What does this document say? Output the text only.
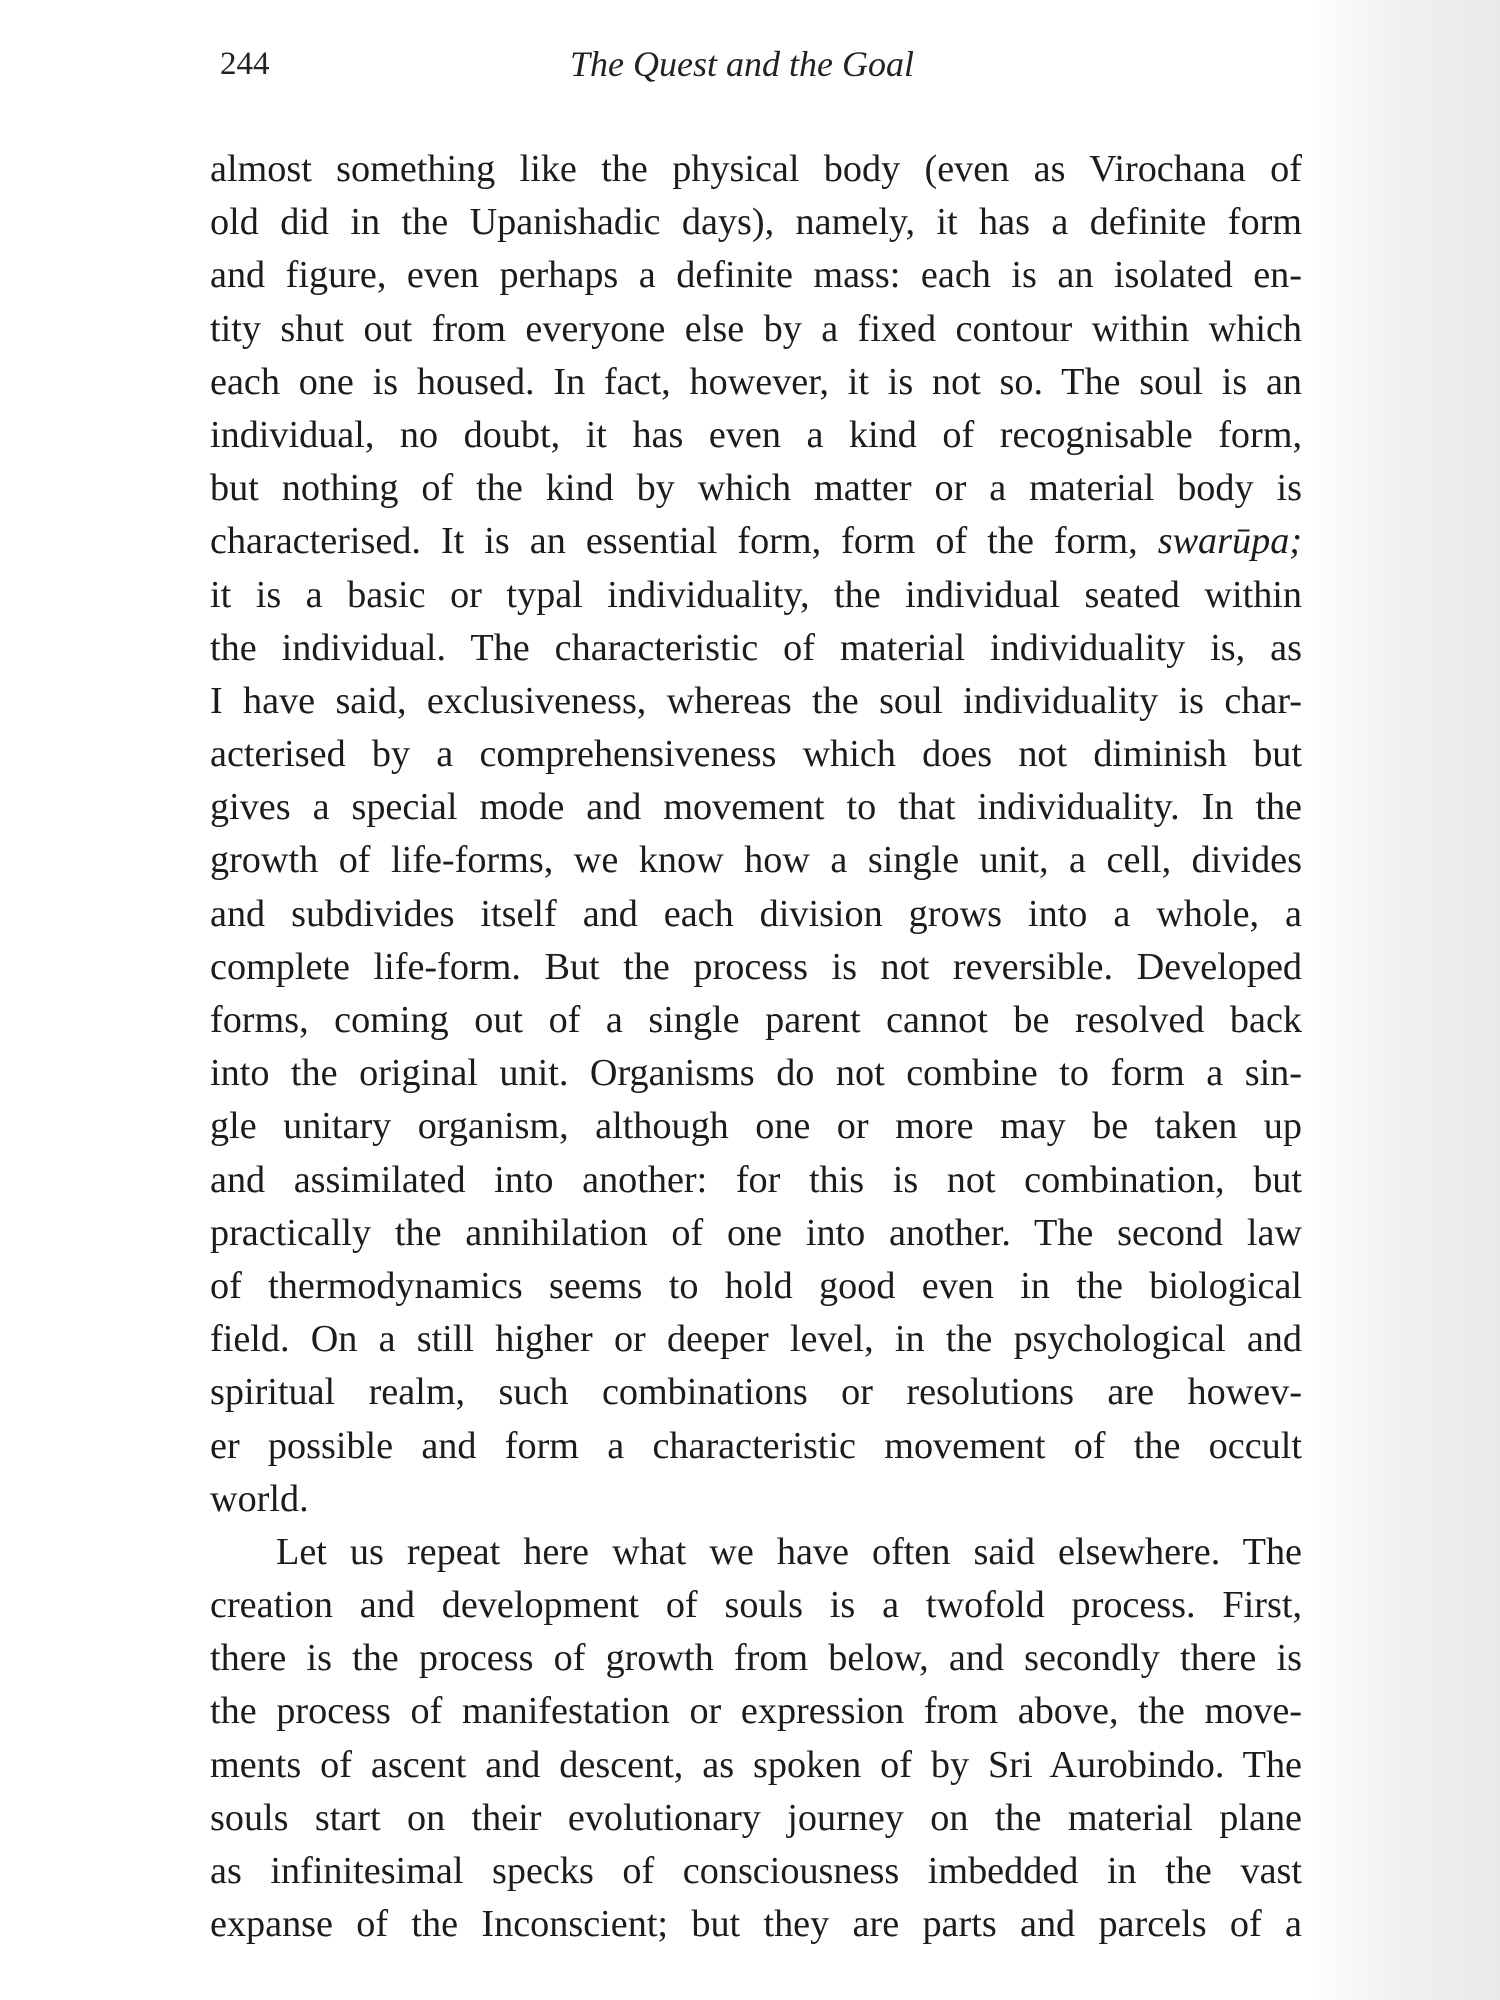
244	The Quest and the Goal
almost something like the physical body (even as Virochana of
old did in the Upanishadic days), namely, it has a definite form
and figure, even perhaps a definite mass: each is an isolated en-
tity shut out from everyone else by a fixed contour within which
each one is housed. In fact, however, it is not so. The soul is an
individual, no doubt, it has even a kind of recognisable form,
but nothing of the kind by which matter or a material body is
characterised. It is an essential form, form of the form, swarūpa;
it is a basic or typal individuality, the individual seated within
the individual. The characteristic of material individuality is, as
I have said, exclusiveness, whereas the soul individuality is char-
acterised by a comprehensiveness which does not diminish but
gives a special mode and movement to that individuality. In the
growth of life-forms, we know how a single unit, a cell, divides
and subdivides itself and each division grows into a whole, a
complete life-form. But the process is not reversible. Developed
forms, coming out of a single parent cannot be resolved back
into the original unit. Organisms do not combine to form a sin-
gle unitary organism, although one or more may be taken up
and assimilated into another: for this is not combination, but
practically the annihilation of one into another. The second law
of thermodynamics seems to hold good even in the biological
field. On a still higher or deeper level, in the psychological and
spiritual realm, such combinations or resolutions are howev-
er possible and form a characteristic movement of the occult
world.
Let us repeat here what we have often said elsewhere. The
creation and development of souls is a twofold process. First,
there is the process of growth from below, and secondly there is
the process of manifestation or expression from above, the move-
ments of ascent and descent, as spoken of by Sri Aurobindo. The
souls start on their evolutionary journey on the material plane
as infinitesimal specks of consciousness imbedded in the vast
expanse of the Inconscient; but they are parts and parcels of a
